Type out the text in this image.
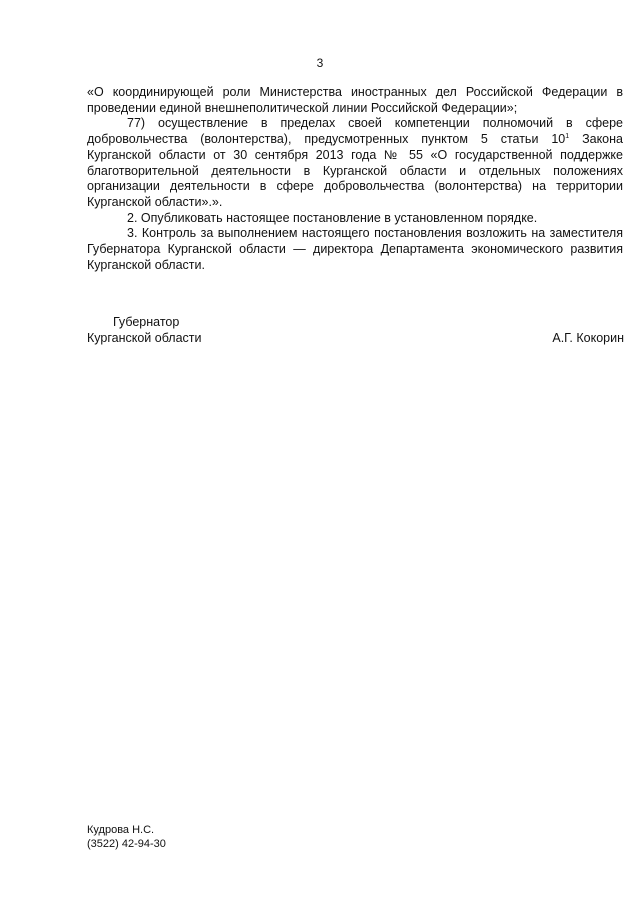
3

«О координирующей роли Министерства иностранных дел Российской Федерации в проведении единой внешнеполитической линии Российской Федерации»;

77) осуществление в пределах своей компетенции полномочий в сфере добровольчества (волонтерства), предусмотренных пунктом 5 статьи $10^1$ Закона Курганской области от 30 сентября 2013 года № 55 «О государственной поддержке благотворительной деятельности в Курганской области и отдельных положениях организации деятельности в сфере добровольчества (волонтерства) на территории Курганской области».».

2. Опубликовать настоящее постановление в установленном порядке.

3. Контроль за выполнением настоящего постановления возложить на заместителя Губернатора Курганской области — директора Департамента экономического развития Курганской области.

Губернатор
Курганской области	А.Г. Кокорин
Кудрова Н.С.
(3522) 42-94-30
